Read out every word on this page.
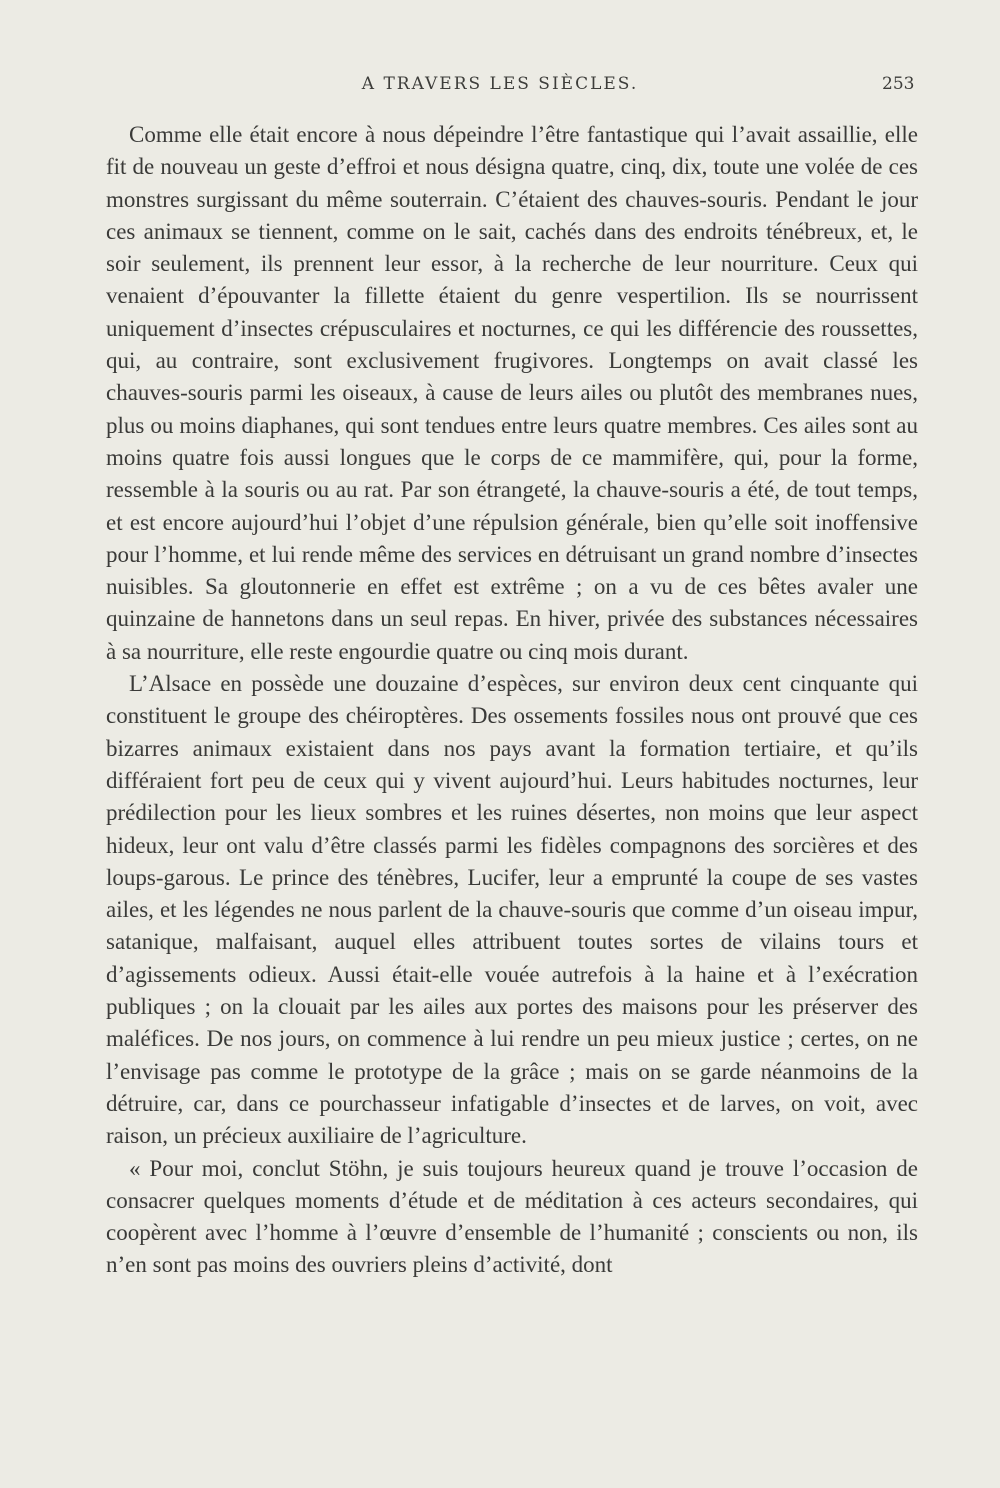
A TRAVERS LES SIÈCLES.	253

Comme elle était encore à nous dépeindre l’être fantastique qui l’avait assaillie, elle fit de nouveau un geste d’effroi et nous désigna quatre, cinq, dix, toute une volée de ces monstres surgissant du même souterrain. C’étaient des chauves-souris. Pendant le jour ces animaux se tiennent, comme on le sait, cachés dans des endroits ténébreux, et, le soir seulement, ils prennent leur essor, à la recherche de leur nourriture. Ceux qui venaient d’épouvanter la fillette étaient du genre vespertilion. Ils se nourrissent uniquement d’insectes crépusculaires et nocturnes, ce qui les différencie des roussettes, qui, au contraire, sont exclusivement frugivores. Longtemps on avait classé les chauves-souris parmi les oiseaux, à cause de leurs ailes ou plutôt des membranes nues, plus ou moins diaphanes, qui sont tendues entre leurs quatre membres. Ces ailes sont au moins quatre fois aussi longues que le corps de ce mammifère, qui, pour la forme, ressemble à la souris ou au rat. Par son étrangeté, la chauve-souris a été, de tout temps, et est encore aujourd’hui l’objet d’une répulsion générale, bien qu’elle soit inoffensive pour l’homme, et lui rende même des services en détruisant un grand nombre d’insectes nuisibles. Sa gloutonnerie en effet est extrême ; on a vu de ces bêtes avaler une quinzaine de hannetons dans un seul repas. En hiver, privée des substances nécessaires à sa nourriture, elle reste engourdie quatre ou cinq mois durant.

L’Alsace en possède une douzaine d’espèces, sur environ deux cent cinquante qui constituent le groupe des chéiroptères. Des ossements fossiles nous ont prouvé que ces bizarres animaux existaient dans nos pays avant la formation tertiaire, et qu’ils différaient fort peu de ceux qui y vivent aujourd’hui. Leurs habitudes nocturnes, leur prédilection pour les lieux sombres et les ruines désertes, non moins que leur aspect hideux, leur ont valu d’être classés parmi les fidèles compagnons des sorcières et des loups-garous. Le prince des ténèbres, Lucifer, leur a emprunté la coupe de ses vastes ailes, et les légendes ne nous parlent de la chauve-souris que comme d’un oiseau impur, satanique, malfaisant, auquel elles attribuent toutes sortes de vilains tours et d’agissements odieux. Aussi était-elle vouée autrefois à la haine et à l’exécration publiques ; on la clouait par les ailes aux portes des maisons pour les préserver des maléfices. De nos jours, on commence à lui rendre un peu mieux justice ; certes, on ne l’envisage pas comme le prototype de la grâce ; mais on se garde néanmoins de la détruire, car, dans ce pourchasseur infatigable d’insectes et de larves, on voit, avec raison, un précieux auxiliaire de l’agriculture.

« Pour moi, conclut Stöhn, je suis toujours heureux quand je trouve l’occasion de consacrer quelques moments d’étude et de méditation à ces acteurs secondaires, qui coopèrent avec l’homme à l’œuvre d’ensemble de l’humanité ; conscients ou non, ils n’en sont pas moins des ouvriers pleins d’activité, dont
